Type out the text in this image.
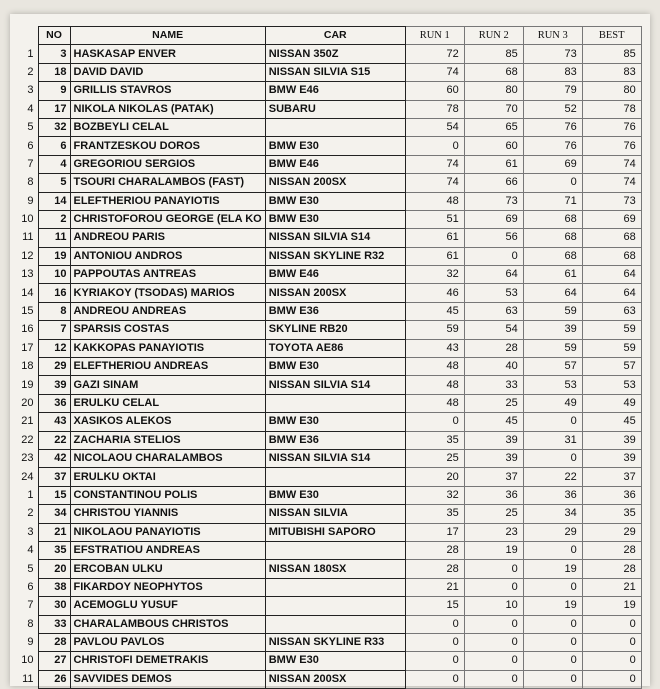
	NO	NAME	CAR	RUN 1	RUN 2	RUN 3	BEST
1	3	HASKASAP ENVER	NISSAN 350Z	72	85	73	85
2	18	DAVID DAVID	NISSAN SILVIA S15	74	68	83	83
3	9	GRILLIS STAVROS	BMW E46	60	80	79	80
4	17	NIKOLA NIKOLAS (PATAK)	SUBARU	78	70	52	78
5	32	BOZBEYLI CELAL		54	65	76	76
6	6	FRANTZESKOU DOROS	BMW E30	0	60	76	76
7	4	GREGORIOU SERGIOS	BMW E46	74	61	69	74
8	5	TSOURI CHARALAMBOS (FAST)	NISSAN 200SX	74	66	0	74
9	14	ELEFTHERIOU PANAYIOTIS	BMW E30	48	73	71	73
10	2	CHRISTOFOROU GEORGE (ELA KO	BMW E30	51	69	68	69
11	11	ANDREOU PARIS	NISSAN SILVIA S14	61	56	68	68
12	19	ANTONIOU ANDROS	NISSAN SKYLINE R32	61	0	68	68
13	10	PAPPOUTAS ANTREAS	BMW E46	32	64	61	64
14	16	KYRIAKOY (TSODAS) MARIOS	NISSAN 200SX	46	53	64	64
15	8	ANDREOU ANDREAS	BMW E36	45	63	59	63
16	7	SPARSIS COSTAS	SKYLINE RB20	59	54	39	59
17	12	KAKKOPAS PANAYIOTIS	TOYOTA AE86	43	28	59	59
18	29	ELEFTHERIOU ANDREAS	BMW E30	48	40	57	57
19	39	GAZI SINAM	NISSAN SILVIA S14	48	33	53	53
20	36	ERULKU CELAL		48	25	49	49
21	43	XASIKOS ALEKOS	BMW E30	0	45	0	45
22	22	ZACHARIA STELIOS	BMW E36	35	39	31	39
23	42	NICOLAOU CHARALAMBOS	NISSAN SILVIA S14	25	39	0	39
24	37	ERULKU OKTAI		20	37	22	37
1	15	CONSTANTINOU POLIS	BMW E30	32	36	36	36
2	34	CHRISTOU YIANNIS	NISSAN SILVIA	35	25	34	35
3	21	NIKOLAOU PANAYIOTIS	MITUBISHI SAPORO	17	23	29	29
4	35	EFSTRATIOU ANDREAS		28	19	0	28
5	20	ERCOBAN ULKU	NISSAN 180SX	28	0	19	28
6	38	FIKARDOY NEOPHYTOS		21	0	0	21
7	30	ACEMOGLU YUSUF		15	10	19	19
8	33	CHARALAMBOUS CHRISTOS		0	0	0	0
9	28	PAVLOU PAVLOS	NISSAN SKYLINE R33	0	0	0	0
10	27	CHRISTOFI DEMETRAKIS	BMW E30	0	0	0	0
11	26	SAVVIDES DEMOS	NISSAN 200SX	0	0	0	0
